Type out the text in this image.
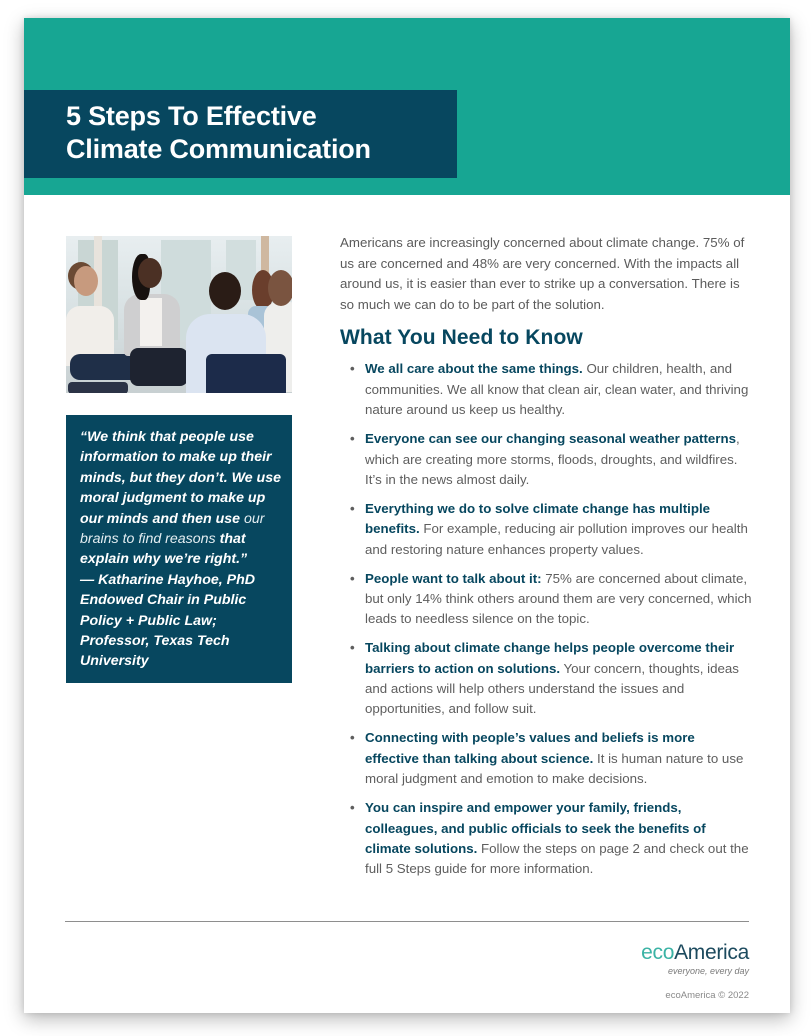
5 Steps To Effective
Climate Communication

“We think that people use information to make up their minds, but they don’t. We use moral judgment to make up our minds and then use our brains to find reasons that explain why we’re right.”
— Katharine Hayhoe, PhD Endowed Chair in Public Policy + Public Law; Professor, Texas Tech University

Americans are increasingly concerned about climate change. 75% of us are concerned and 48% are very concerned. With the impacts all around us, it is easier than ever to strike up a conversation. There is so much we can do to be part of the solution.

What You Need to Know
• We all care about the same things. Our children, health, and communities. We all know that clean air, clean water, and thriving nature around us keep us healthy.
• Everyone can see our changing seasonal weather patterns, which are creating more storms, floods, droughts, and wildfires. It’s in the news almost daily.
• Everything we do to solve climate change has multiple benefits. For example, reducing air pollution improves our health and restoring nature enhances property values.
• People want to talk about it: 75% are concerned about climate, but only 14% think others around them are very concerned, which leads to needless silence on the topic.
• Talking about climate change helps people overcome their barriers to action on solutions. Your concern, thoughts, ideas and actions will help others understand the issues and opportunities, and follow suit.
• Connecting with people’s values and beliefs is more effective than talking about science. It is human nature to use moral judgment and emotion to make decisions.
• You can inspire and empower your family, friends, colleagues, and public officials to seek the benefits of climate solutions. Follow the steps on page 2 and check out the full 5 Steps guide for more information.
ecoAmerica
everyone, every day
ecoAmerica © 2022
